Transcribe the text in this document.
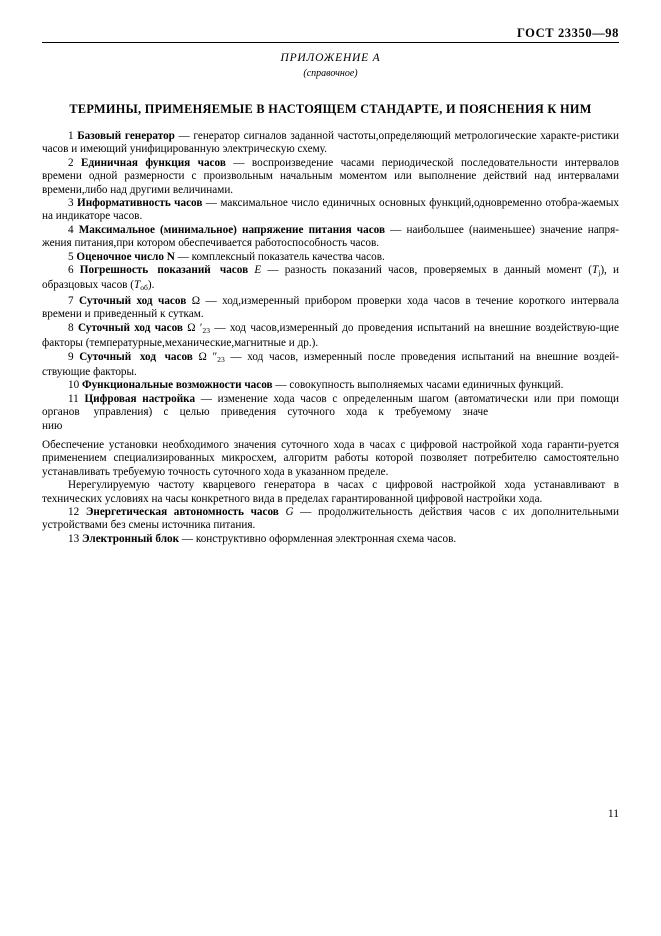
ГОСТ 23350—98
ПРИЛОЖЕНИЕ А
(справочное)
ТЕРМИНЫ, ПРИМЕНЯЕМЫЕ В НАСТОЯЩЕМ СТАНДАРТЕ, И ПОЯСНЕНИЯ К НИМ

1 Базовый генератор — генератор сигналов заданной частоты,определяющий метрологические характе-ристики часов и имеющий унифицированную электрическую схему.

2 Единичная функция часов — воспроизведение часами периодической последовательности интервалов времени одной размерности с произвольным начальным моментом или выполнение действий над интервалами времени,либо над другими величинами.

3 Информативность часов — максимальное число единичных основных функций,одновременно отобра-жаемых на индикаторе часов.

4 Максимальное (минимальное) напряжение питания часов — наибольшее (наименьшее) значение напря-жения питания,при котором обеспечивается работоспособность часов.

5 Оценочное число N — комплексный показатель качества часов.

6 Погрешность показаний часов E — разность показаний часов, проверяемых в данный момент $(T_j)$, и образцовых часов $(T_{об})$.

7 Суточный ход часов Ω — ход,измеренный прибором проверки хода часов в течение короткого интервала времени и приведенный к суткам.

8 Суточный ход часов Ω $'_{23}$ — ход часов,измеренный до проведения испытаний на внешние воздействую-щие факторы (температурные,механические,магнитные и др.).

9 Суточный ход часов Ω $''_{23}$ — ход часов, измеренный после проведения испытаний на внешние воздей-ствующие факторы.

10 Функциональные возможности часов — совокупность выполняемых часами единичных функций.

11 Цифровая настройка — изменение хода часов с определенным шагом (автоматически или при помощи органов     управления)    с    целью    приведения    суточного    хода    к    требуемому    значе
нию

Обеспечение установки необходимого значения суточного хода в часах с цифровой настройкой хода гаранти-руется применением специализированных микросхем, алгоритм работы которой позволяет потребителю самостоятельно устанавливать требуемую точность суточного хода в указанном пределе.

Нерегулируемую частоту кварцевого генератора в часах с цифровой настройкой хода устанавливают в технических условиях на часы конкретного вида в пределах гарантированной цифровой настройки хода.

12 Энергетическая автономность часов G — продолжительность действия часов с их дополнительными устройствами без смены источника питания.

13 Электронный блок — конструктивно оформленная электронная схема часов.

11
